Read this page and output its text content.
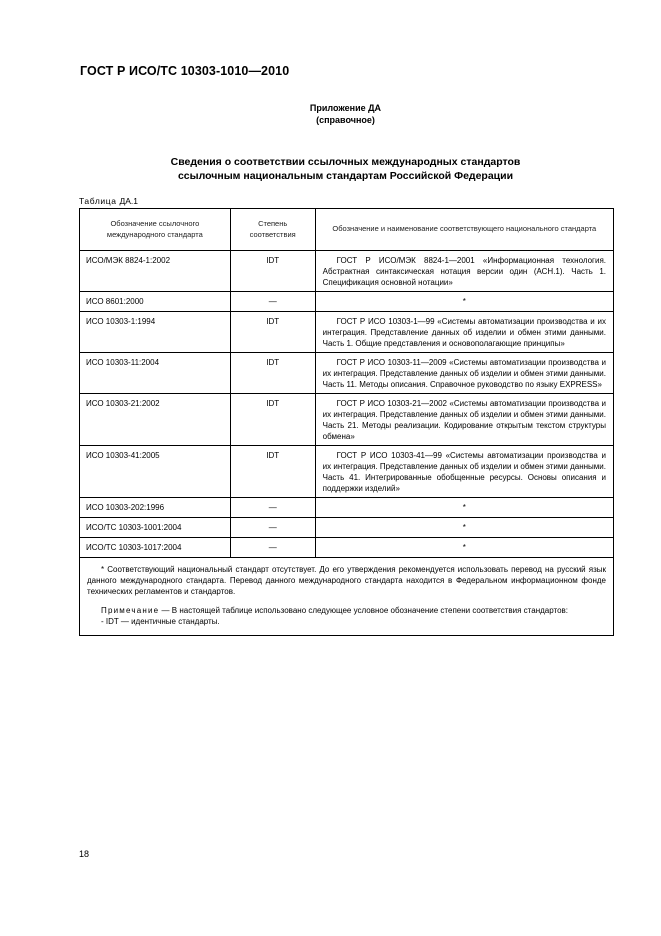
ГОСТ Р ИСО/ТС 10303-1010—2010
Приложение ДА
(справочное)
Сведения о соответствии ссылочных международных стандартов
ссылочным национальным стандартам Российской Федерации
Таблица ДА.1
Обозначение ссылочного международного стандарта	Степень соответствия	Обозначение и наименование соответствующего национального стандарта
ИСО/МЭК 8824-1:2002	IDT	ГОСТ Р ИСО/МЭК 8824-1—2001 «Информационная технология. Абстрактная синтаксическая нотация версии один (АСН.1). Часть 1. Спецификация основной нотации»
ИСО 8601:2000	—	*
ИСО 10303-1:1994	IDT	ГОСТ Р ИСО 10303-1—99 «Системы автоматизации производства и их интеграция. Представление данных об изделии и обмен этими данными. Часть 1. Общие представления и основополагающие принципы»
ИСО 10303-11:2004	IDT	ГОСТ Р ИСО 10303-11—2009 «Системы автоматизации производства и их интеграция. Представление данных об изделии и обмен этими данными. Часть 11. Методы описания. Справочное руководство по языку EXPRESS»
ИСО 10303-21:2002	IDT	ГОСТ Р ИСО 10303-21—2002 «Системы автоматизации производства и их интеграция. Представление данных об изделии и обмен этими данными. Часть 21. Методы реализации. Кодирование открытым текстом структуры обмена»
ИСО 10303-41:2005	IDT	ГОСТ Р ИСО 10303-41—99 «Системы автоматизации производства и их интеграция. Представление данных об изделии и обмен этими данными. Часть 41. Интегрированные обобщенные ресурсы. Основы описания и поддержки изделий»
ИСО 10303-202:1996	—	*
ИСО/ТС 10303-1001:2004	—	*
ИСО/ТС 10303-1017:2004	—	*

* Соответствующий национальный стандарт отсутствует. До его утверждения рекомендуется использовать перевод на русский язык данного международного стандарта. Перевод данного международного стандарта находится в Федеральном информационном фонде технических регламентов и стандартов.

Примечание — В настоящей таблице использовано следующее условное обозначение степени соответствия стандартов:

- IDT — идентичные стандарты.		

18
